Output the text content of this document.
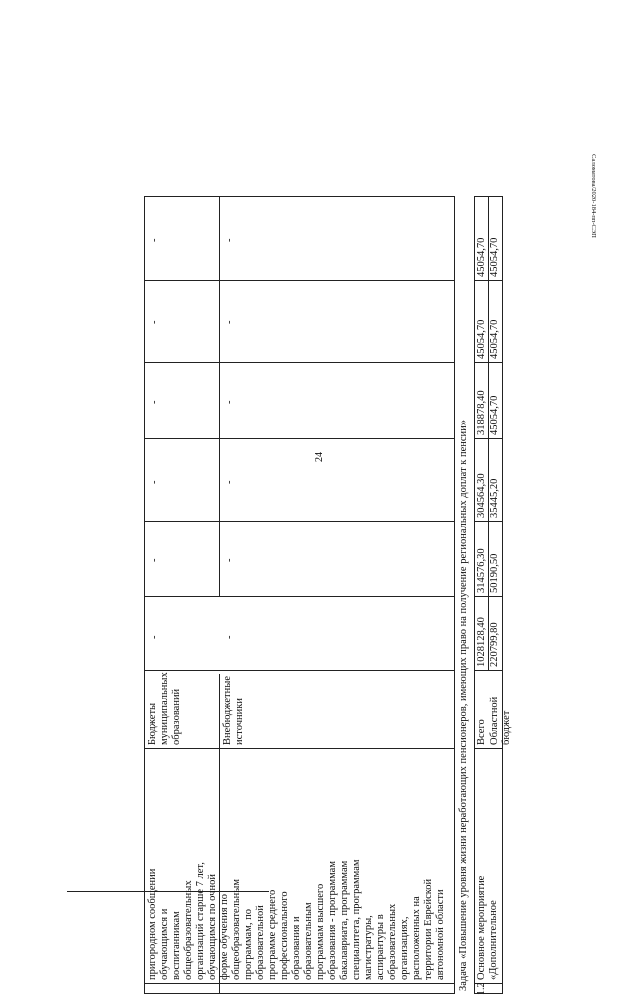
24
Саломатова/2020-184-пп-СЭП
пригородном сообщении
обучающимся и
воспитанникам
общеобразовательных
организаций старше 7 лет,
обучающимся по очной
форме обучения по
общеобразовательным
программам, по
образовательной
программе среднего
профессионального
образования и
образовательным
программам высшего
образования - программам
бакалавриата, программам
специалитета, программам
магистратуры,
аспирантуры в
образовательных
организациях,
расположенных на
территории Еврейской
автономной области
Бюджеты
муниципальных
образований	Внебюджетные
источники
-
-
-
-
-
-
-
-
-
-
-
-
Задача «Повышение уровня жизни неработающих пенсионеров, имеющих право на получение региональных доплат к пенсии» 1.2
Основное мероприятие
«Дополнительное
Всего Областной бюджет
1028128,40
314576,30
304564,30
318878,40
45054,70
45054,70
220799,80
50190,50
35445,20
45054,70
45054,70
45054,70
